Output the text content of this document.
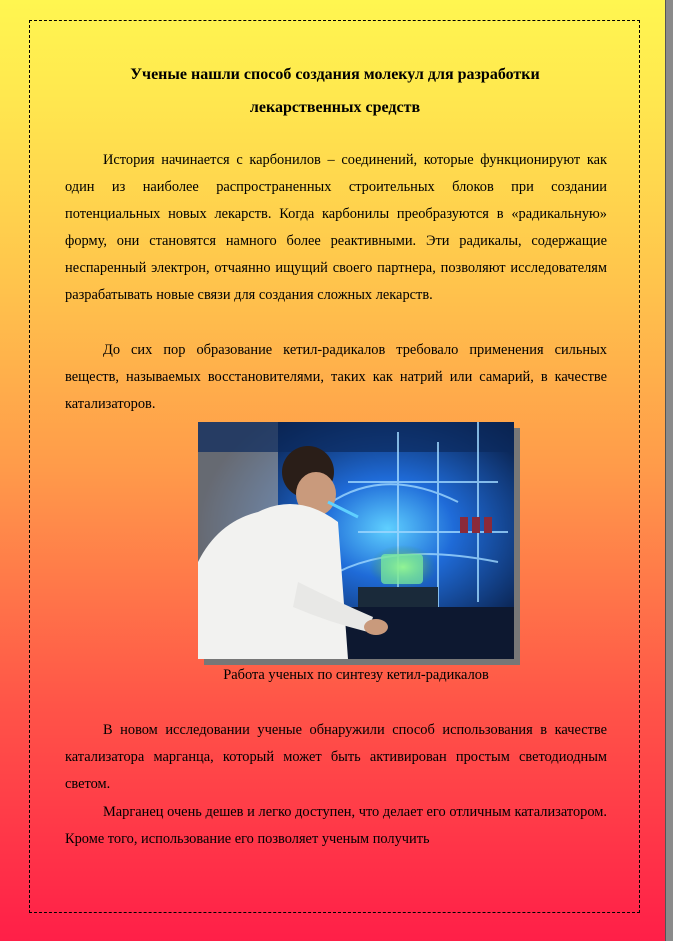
Ученые нашли способ создания молекул для разработки лекарственных средств

История начинается с карбонилов – соединений, которые функционируют как один из наиболее распространенных строительных блоков при создании потенциальных новых лекарств. Когда карбонилы преобразуются в «радикальную» форму, они становятся намного более реактивными. Эти радикалы, содержащие неспаренный электрон, отчаянно ищущий своего партнера, позволяют исследователям разрабатывать новые связи для создания сложных лекарств.

До сих пор образование кетил-радикалов требовало применения сильных веществ, называемых восстановителями, таких как натрий или самарий, в качестве катализаторов.

Работа ученых по синтезу кетил-радикалов

В новом исследовании ученые обнаружили способ использования в качестве катализатора марганца, который может быть активирован простым светодиодным светом.

Марганец очень дешев и легко доступен, что делает его отличным катализатором. Кроме того, использование его позволяет ученым получить
